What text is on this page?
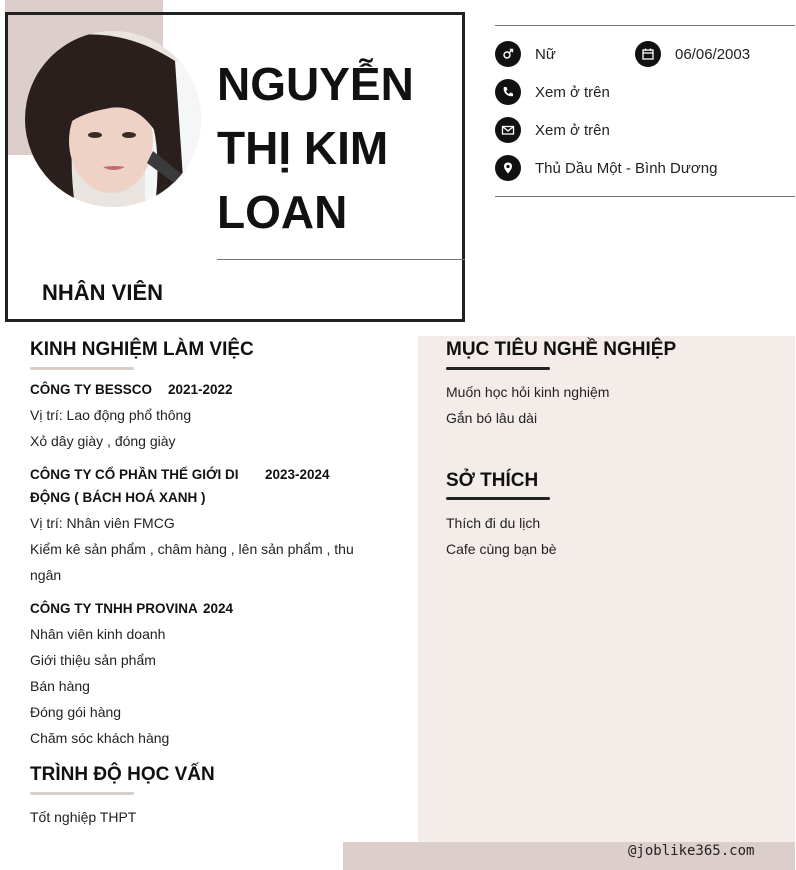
NGUYỄN
THỊ KIM
LOAN
NHÂN VIÊN
Nữ	06/06/2003
Xem ở trên
Xem ở trên
Thủ Dầu Một - Bình Dương
KINH NGHIỆM LÀM VIỆC
CÔNG TY BESSCO 2021-2022
Vị trí: Lao động phổ thông
Xỏ dây giày , đóng giày
CÔNG TY CỔ PHẦN THẾ GIỚI DI 2023-2024
ĐỘNG ( BÁCH HOÁ XANH )
Vị trí: Nhân viên FMCG
Kiểm kê sản phẩm , châm hàng , lên sản phẩm , thu
ngân
CÔNG TY TNHH PROVINA 2024
Nhân viên kinh doanh
Giới thiệu sản phẩm
Bán hàng
Đóng gói hàng
Chăm sóc khách hàng
TRÌNH ĐỘ HỌC VẤN
Tốt nghiệp THPT
MỤC TIÊU NGHỀ NGHIỆP
Muốn học hỏi kinh nghiệm
Gắn bó lâu dài
SỞ THÍCH
Thích đi du lịch
Cafe cùng bạn bè
@joblike365.com
